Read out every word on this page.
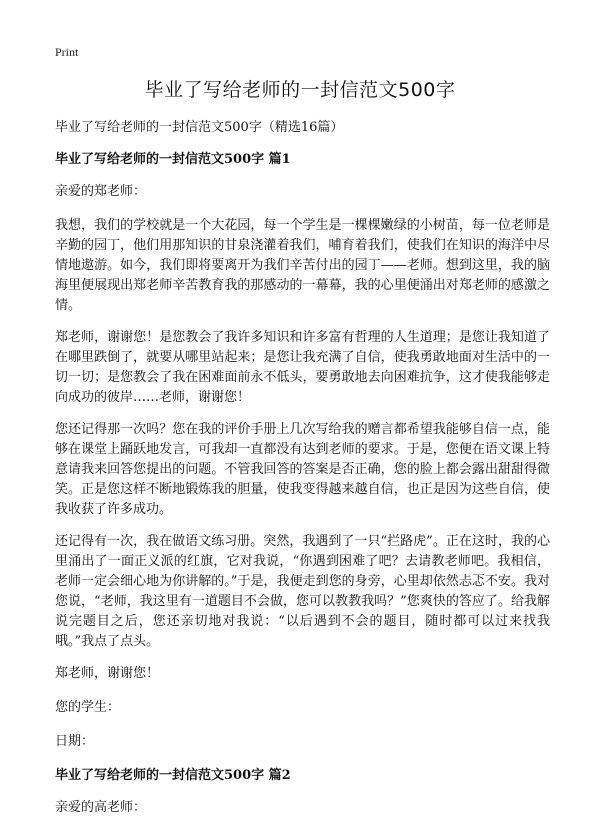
Print
毕业了写给老师的一封信范文500字
毕业了写给老师的一封信范文500字（精选16篇）
毕业了写给老师的一封信范文500字 篇1
亲爱的郑老师：
我想，我们的学校就是一个大花园，每一个学生是一棵棵嫩绿的小树苗，每一位老师是辛勤的园丁，他们用那知识的甘泉浇灌着我们，哺育着我们，使我们在知识的海洋中尽情地遨游。如今，我们即将要离开为我们辛苦付出的园丁——老师。想到这里，我的脑海里便展现出郑老师辛苦教育我的那感动的一幕幕，我的心里便涌出对郑老师的感激之情。
郑老师，谢谢您！是您教会了我许多知识和许多富有哲理的人生道理；是您让我知道了在哪里跌倒了，就要从哪里站起来；是您让我充满了自信，使我勇敢地面对生活中的一切一切；是您教会了我在困难面前永不低头，要勇敢地去向困难抗争，这才使我能够走向成功的彼岸……老师，谢谢您！
您还记得那一次吗？您在我的评价手册上几次写给我的赠言都希望我能够自信一点，能够在课堂上踊跃地发言，可我却一直都没有达到老师的要求。于是，您便在语文课上特意请我来回答您提出的问题。不管我回答的答案是否正确，您的脸上都会露出甜甜得微笑。正是您这样不断地锻炼我的胆量，使我变得越来越自信，也正是因为这些自信，使我收获了许多成功。
还记得有一次，我在做语文练习册。突然，我遇到了一只“拦路虎”。正在这时，我的心里涌出了一面正义派的红旗，它对我说，“你遇到困难了吧？去请教老师吧。我相信，老师一定会细心地为你讲解的。”于是，我便走到您的身旁，心里却依然忐忑不安。我对您说，“老师，我这里有一道题目不会做，您可以教教我吗？”您爽快的答应了。给我解说完题目之后，您还亲切地对我说：“以后遇到不会的题目，随时都可以过来找我哦。”我点了点头。
郑老师，谢谢您！
您的学生：
日期：
毕业了写给老师的一封信范文500字 篇2
亲爱的高老师：
